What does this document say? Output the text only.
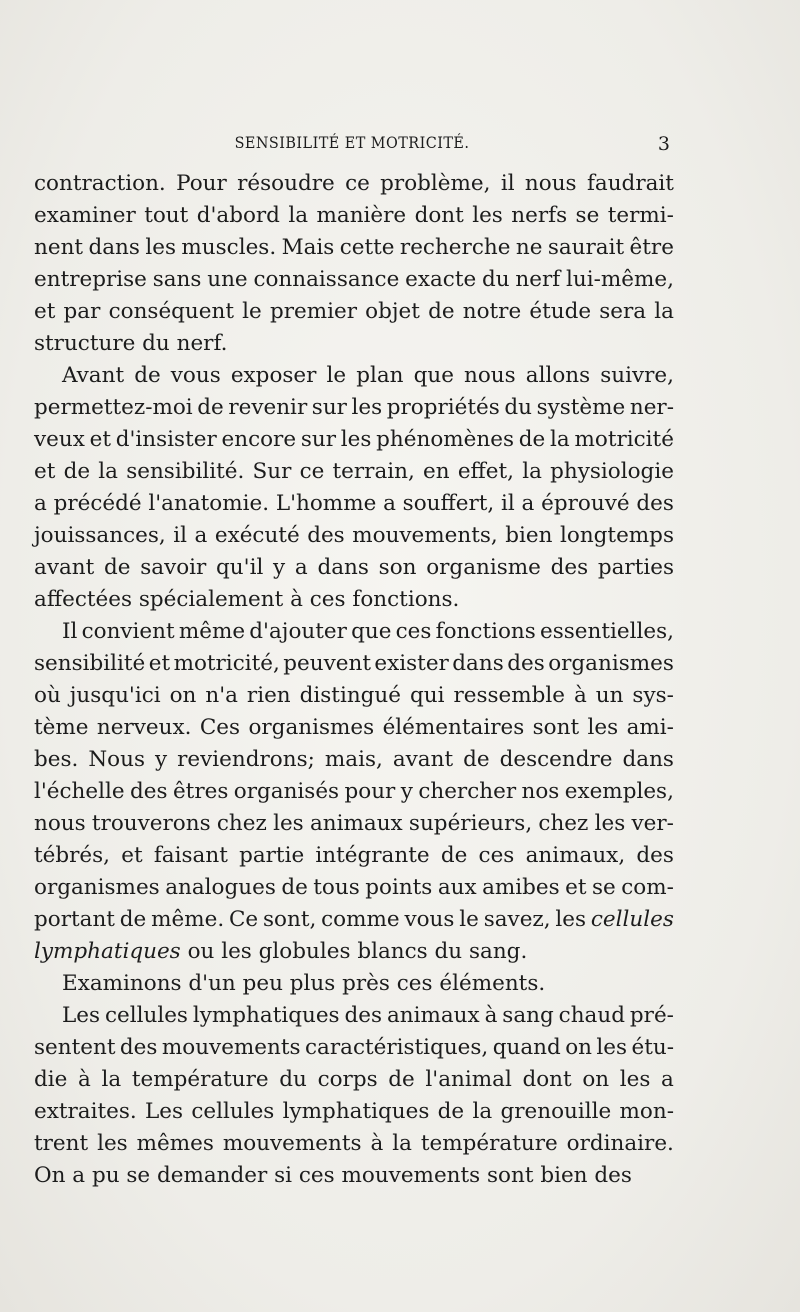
SENSIBILITÉ ET MOTRICITÉ.	3
contraction. Pour résoudre ce problème, il nous faudrait
examiner tout d'abord la manière dont les nerfs se termi-
nent dans les muscles. Mais cette recherche ne saurait être
entreprise sans une connaissance exacte du nerf lui-même,
et par conséquent le premier objet de notre étude sera la
structure du nerf.
Avant de vous exposer le plan que nous allons suivre,
permettez-moi de revenir sur les propriétés du système ner-
veux et d'insister encore sur les phénomènes de la motricité
et de la sensibilité. Sur ce terrain, en effet, la physiologie
a précédé l'anatomie. L'homme a souffert, il a éprouvé des
jouissances, il a exécuté des mouvements, bien longtemps
avant de savoir qu'il y a dans son organisme des parties
affectées spécialement à ces fonctions.
Il convient même d'ajouter que ces fonctions essentielles,
sensibilité et motricité, peuvent exister dans des organismes
où jusqu'ici on n'a rien distingué qui ressemble à un sys-
tème nerveux. Ces organismes élémentaires sont les ami-
bes. Nous y reviendrons; mais, avant de descendre dans
l'échelle des êtres organisés pour y chercher nos exemples,
nous trouverons chez les animaux supérieurs, chez les ver-
tébrés, et faisant partie intégrante de ces animaux, des
organismes analogues de tous points aux amibes et se com-
portant de même. Ce sont, comme vous le savez, les cellules
lymphatiques ou les globules blancs du sang.
Examinons d'un peu plus près ces éléments.
Les cellules lymphatiques des animaux à sang chaud pré-
sentent des mouvements caractéristiques, quand on les étu-
die à la température du corps de l'animal dont on les a
extraites. Les cellules lymphatiques de la grenouille mon-
trent les mêmes mouvements à la température ordinaire.
On a pu se demander si ces mouvements sont bien des
